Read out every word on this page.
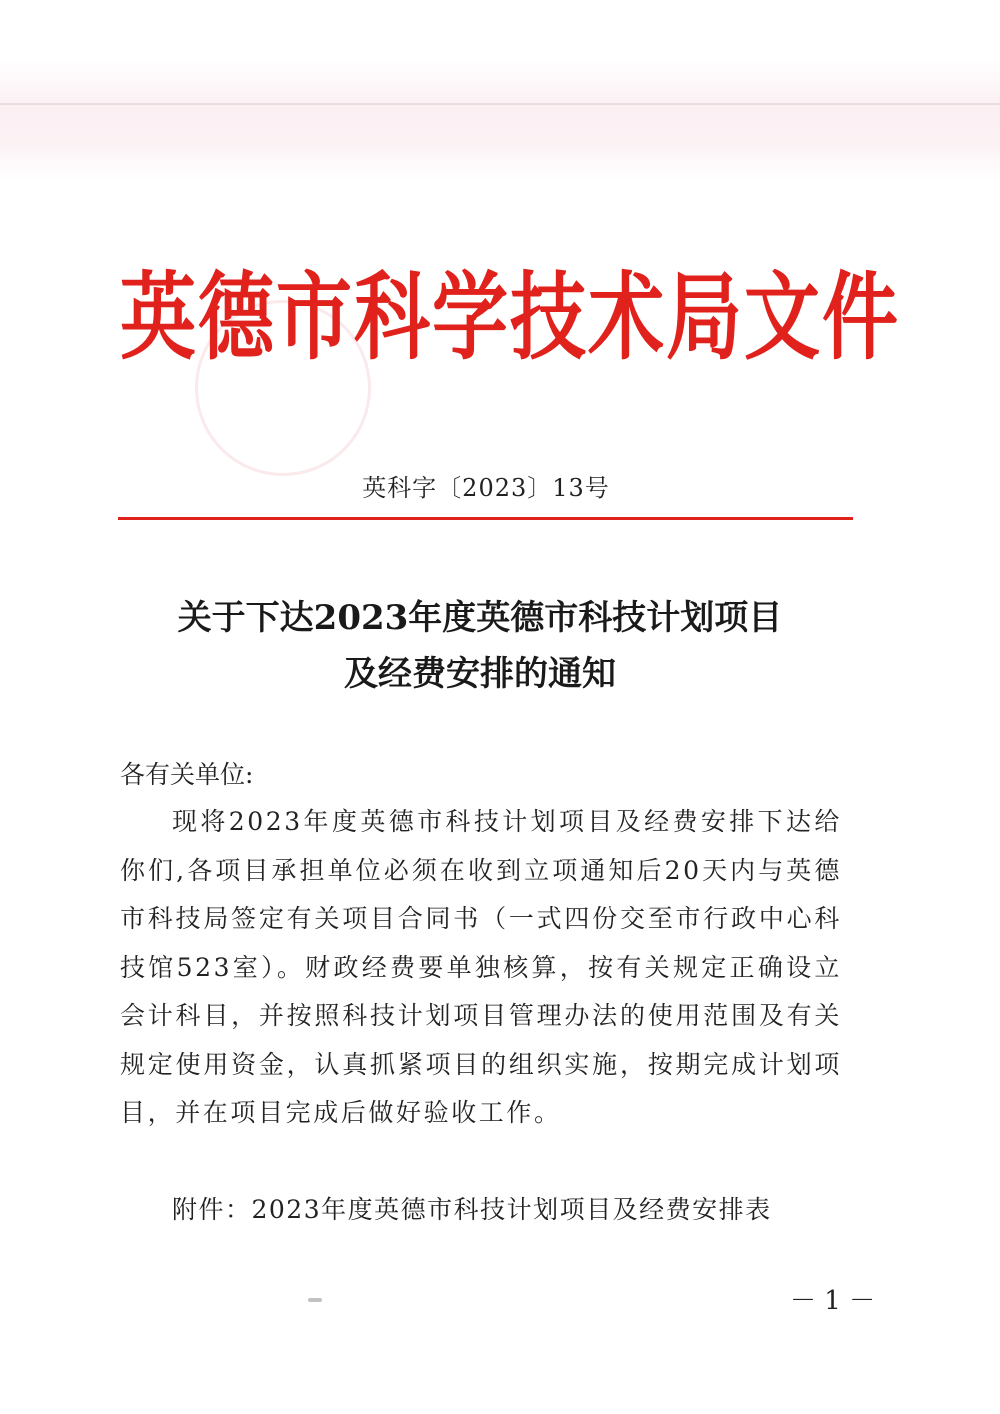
英德市科学技术局文件
英科字〔2023〕13号
关于下达2023年度英德市科技计划项目
及经费安排的通知
各有关单位:

现将2023年度英德市科技计划项目及经费安排下达给你们,各项目承担单位必须在收到立项通知后20天内与英德市科技局签定有关项目合同书（一式四份交至市行政中心科技馆523室）。财政经费要单独核算，按有关规定正确设立会计科目，并按照科技计划项目管理办法的使用范围及有关规定使用资金，认真抓紧项目的组织实施，按期完成计划项目，并在项目完成后做好验收工作。

附件：2023年度英德市科技计划项目及经费安排表
－ 1 －
